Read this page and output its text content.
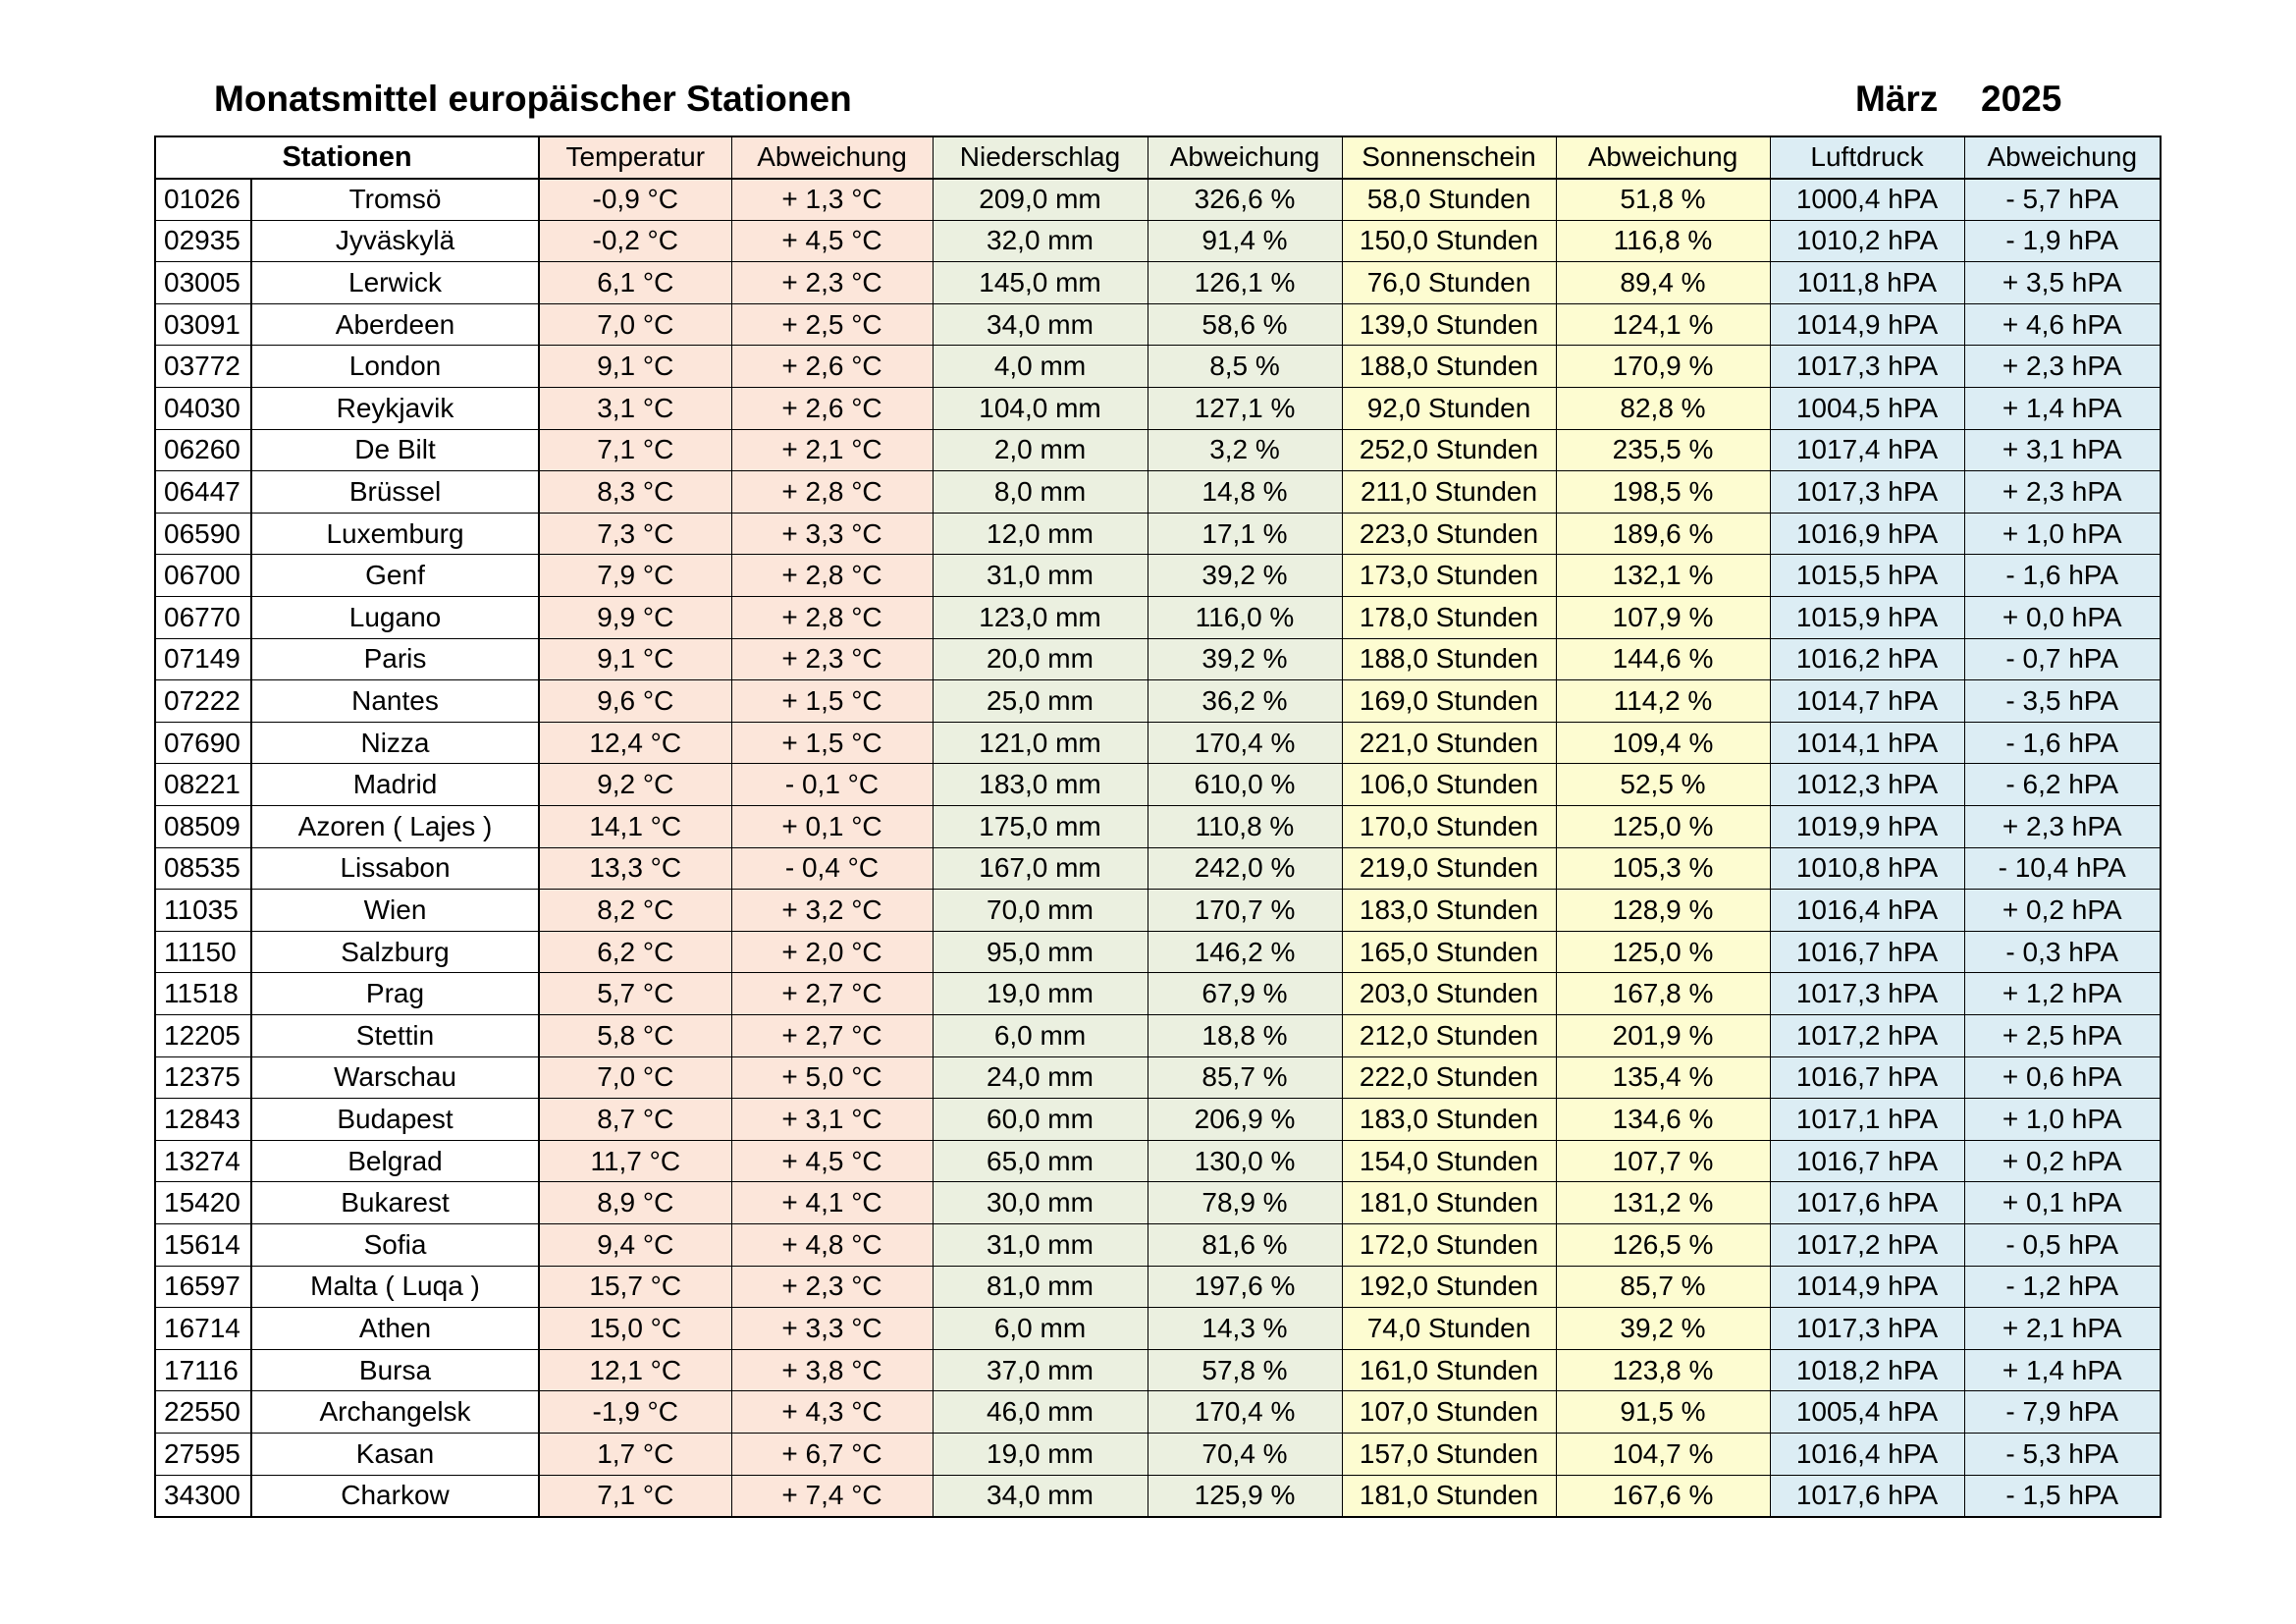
Monatsmittel europäischer Stationen	März 2025
Stationen		Temperatur	Abweichung	Niederschlag	Abweichung	Sonnenschein	Abweichung	Luftdruck	Abweichung
01026	Tromsö	-0,9 °C	+ 1,3 °C	209,0 mm	326,6 %	58,0 Stunden	51,8 %	1000,4 hPA	- 5,7 hPA
02935	Jyväskylä	-0,2 °C	+ 4,5 °C	32,0 mm	91,4 %	150,0 Stunden	116,8 %	1010,2 hPA	- 1,9 hPA
03005	Lerwick	6,1 °C	+ 2,3 °C	145,0 mm	126,1 %	76,0 Stunden	89,4 %	1011,8 hPA	+ 3,5 hPA
03091	Aberdeen	7,0 °C	+ 2,5 °C	34,0 mm	58,6 %	139,0 Stunden	124,1 %	1014,9 hPA	+ 4,6 hPA
03772	London	9,1 °C	+ 2,6 °C	4,0 mm	8,5 %	188,0 Stunden	170,9 %	1017,3 hPA	+ 2,3 hPA
04030	Reykjavik	3,1 °C	+ 2,6 °C	104,0 mm	127,1 %	92,0 Stunden	82,8 %	1004,5 hPA	+ 1,4 hPA
06260	De Bilt	7,1 °C	+ 2,1 °C	2,0 mm	3,2 %	252,0 Stunden	235,5 %	1017,4 hPA	+ 3,1 hPA
06447	Brüssel	8,3 °C	+ 2,8 °C	8,0 mm	14,8 %	211,0 Stunden	198,5 %	1017,3 hPA	+ 2,3 hPA
06590	Luxemburg	7,3 °C	+ 3,3 °C	12,0 mm	17,1 %	223,0 Stunden	189,6 %	1016,9 hPA	+ 1,0 hPA
06700	Genf	7,9 °C	+ 2,8 °C	31,0 mm	39,2 %	173,0 Stunden	132,1 %	1015,5 hPA	- 1,6 hPA
06770	Lugano	9,9 °C	+ 2,8 °C	123,0 mm	116,0 %	178,0 Stunden	107,9 %	1015,9 hPA	+ 0,0 hPA
07149	Paris	9,1 °C	+ 2,3 °C	20,0 mm	39,2 %	188,0 Stunden	144,6 %	1016,2 hPA	- 0,7 hPA
07222	Nantes	9,6 °C	+ 1,5 °C	25,0 mm	36,2 %	169,0 Stunden	114,2 %	1014,7 hPA	- 3,5 hPA
07690	Nizza	12,4 °C	+ 1,5 °C	121,0 mm	170,4 %	221,0 Stunden	109,4 %	1014,1 hPA	- 1,6 hPA
08221	Madrid	9,2 °C	- 0,1 °C	183,0 mm	610,0 %	106,0 Stunden	52,5 %	1012,3 hPA	- 6,2 hPA
08509	Azoren ( Lajes )	14,1 °C	+ 0,1 °C	175,0 mm	110,8 %	170,0 Stunden	125,0 %	1019,9 hPA	+ 2,3 hPA
08535	Lissabon	13,3 °C	- 0,4 °C	167,0 mm	242,0 %	219,0 Stunden	105,3 %	1010,8 hPA	- 10,4 hPA
11035	Wien	8,2 °C	+ 3,2 °C	70,0 mm	170,7 %	183,0 Stunden	128,9 %	1016,4 hPA	+ 0,2 hPA
11150	Salzburg	6,2 °C	+ 2,0 °C	95,0 mm	146,2 %	165,0 Stunden	125,0 %	1016,7 hPA	- 0,3 hPA
11518	Prag	5,7 °C	+ 2,7 °C	19,0 mm	67,9 %	203,0 Stunden	167,8 %	1017,3 hPA	+ 1,2 hPA
12205	Stettin	5,8 °C	+ 2,7 °C	6,0 mm	18,8 %	212,0 Stunden	201,9 %	1017,2 hPA	+ 2,5 hPA
12375	Warschau	7,0 °C	+ 5,0 °C	24,0 mm	85,7 %	222,0 Stunden	135,4 %	1016,7 hPA	+ 0,6 hPA
12843	Budapest	8,7 °C	+ 3,1 °C	60,0 mm	206,9 %	183,0 Stunden	134,6 %	1017,1 hPA	+ 1,0 hPA
13274	Belgrad	11,7 °C	+ 4,5 °C	65,0 mm	130,0 %	154,0 Stunden	107,7 %	1016,7 hPA	+ 0,2 hPA
15420	Bukarest	8,9 °C	+ 4,1 °C	30,0 mm	78,9 %	181,0 Stunden	131,2 %	1017,6 hPA	+ 0,1 hPA
15614	Sofia	9,4 °C	+ 4,8 °C	31,0 mm	81,6 %	172,0 Stunden	126,5 %	1017,2 hPA	- 0,5 hPA
16597	Malta ( Luqa )	15,7 °C	+ 2,3 °C	81,0 mm	197,6 %	192,0 Stunden	85,7 %	1014,9 hPA	- 1,2 hPA
16714	Athen	15,0 °C	+ 3,3 °C	6,0 mm	14,3 %	74,0 Stunden	39,2 %	1017,3 hPA	+ 2,1 hPA
17116	Bursa	12,1 °C	+ 3,8 °C	37,0 mm	57,8 %	161,0 Stunden	123,8 %	1018,2 hPA	+ 1,4 hPA
22550	Archangelsk	-1,9 °C	+ 4,3 °C	46,0 mm	170,4 %	107,0 Stunden	91,5 %	1005,4 hPA	- 7,9 hPA
27595	Kasan	1,7 °C	+ 6,7 °C	19,0 mm	70,4 %	157,0 Stunden	104,7 %	1016,4 hPA	- 5,3 hPA
34300	Charkow	7,1 °C	+ 7,4 °C	34,0 mm	125,9 %	181,0 Stunden	167,6 %	1017,6 hPA	- 1,5 hPA
